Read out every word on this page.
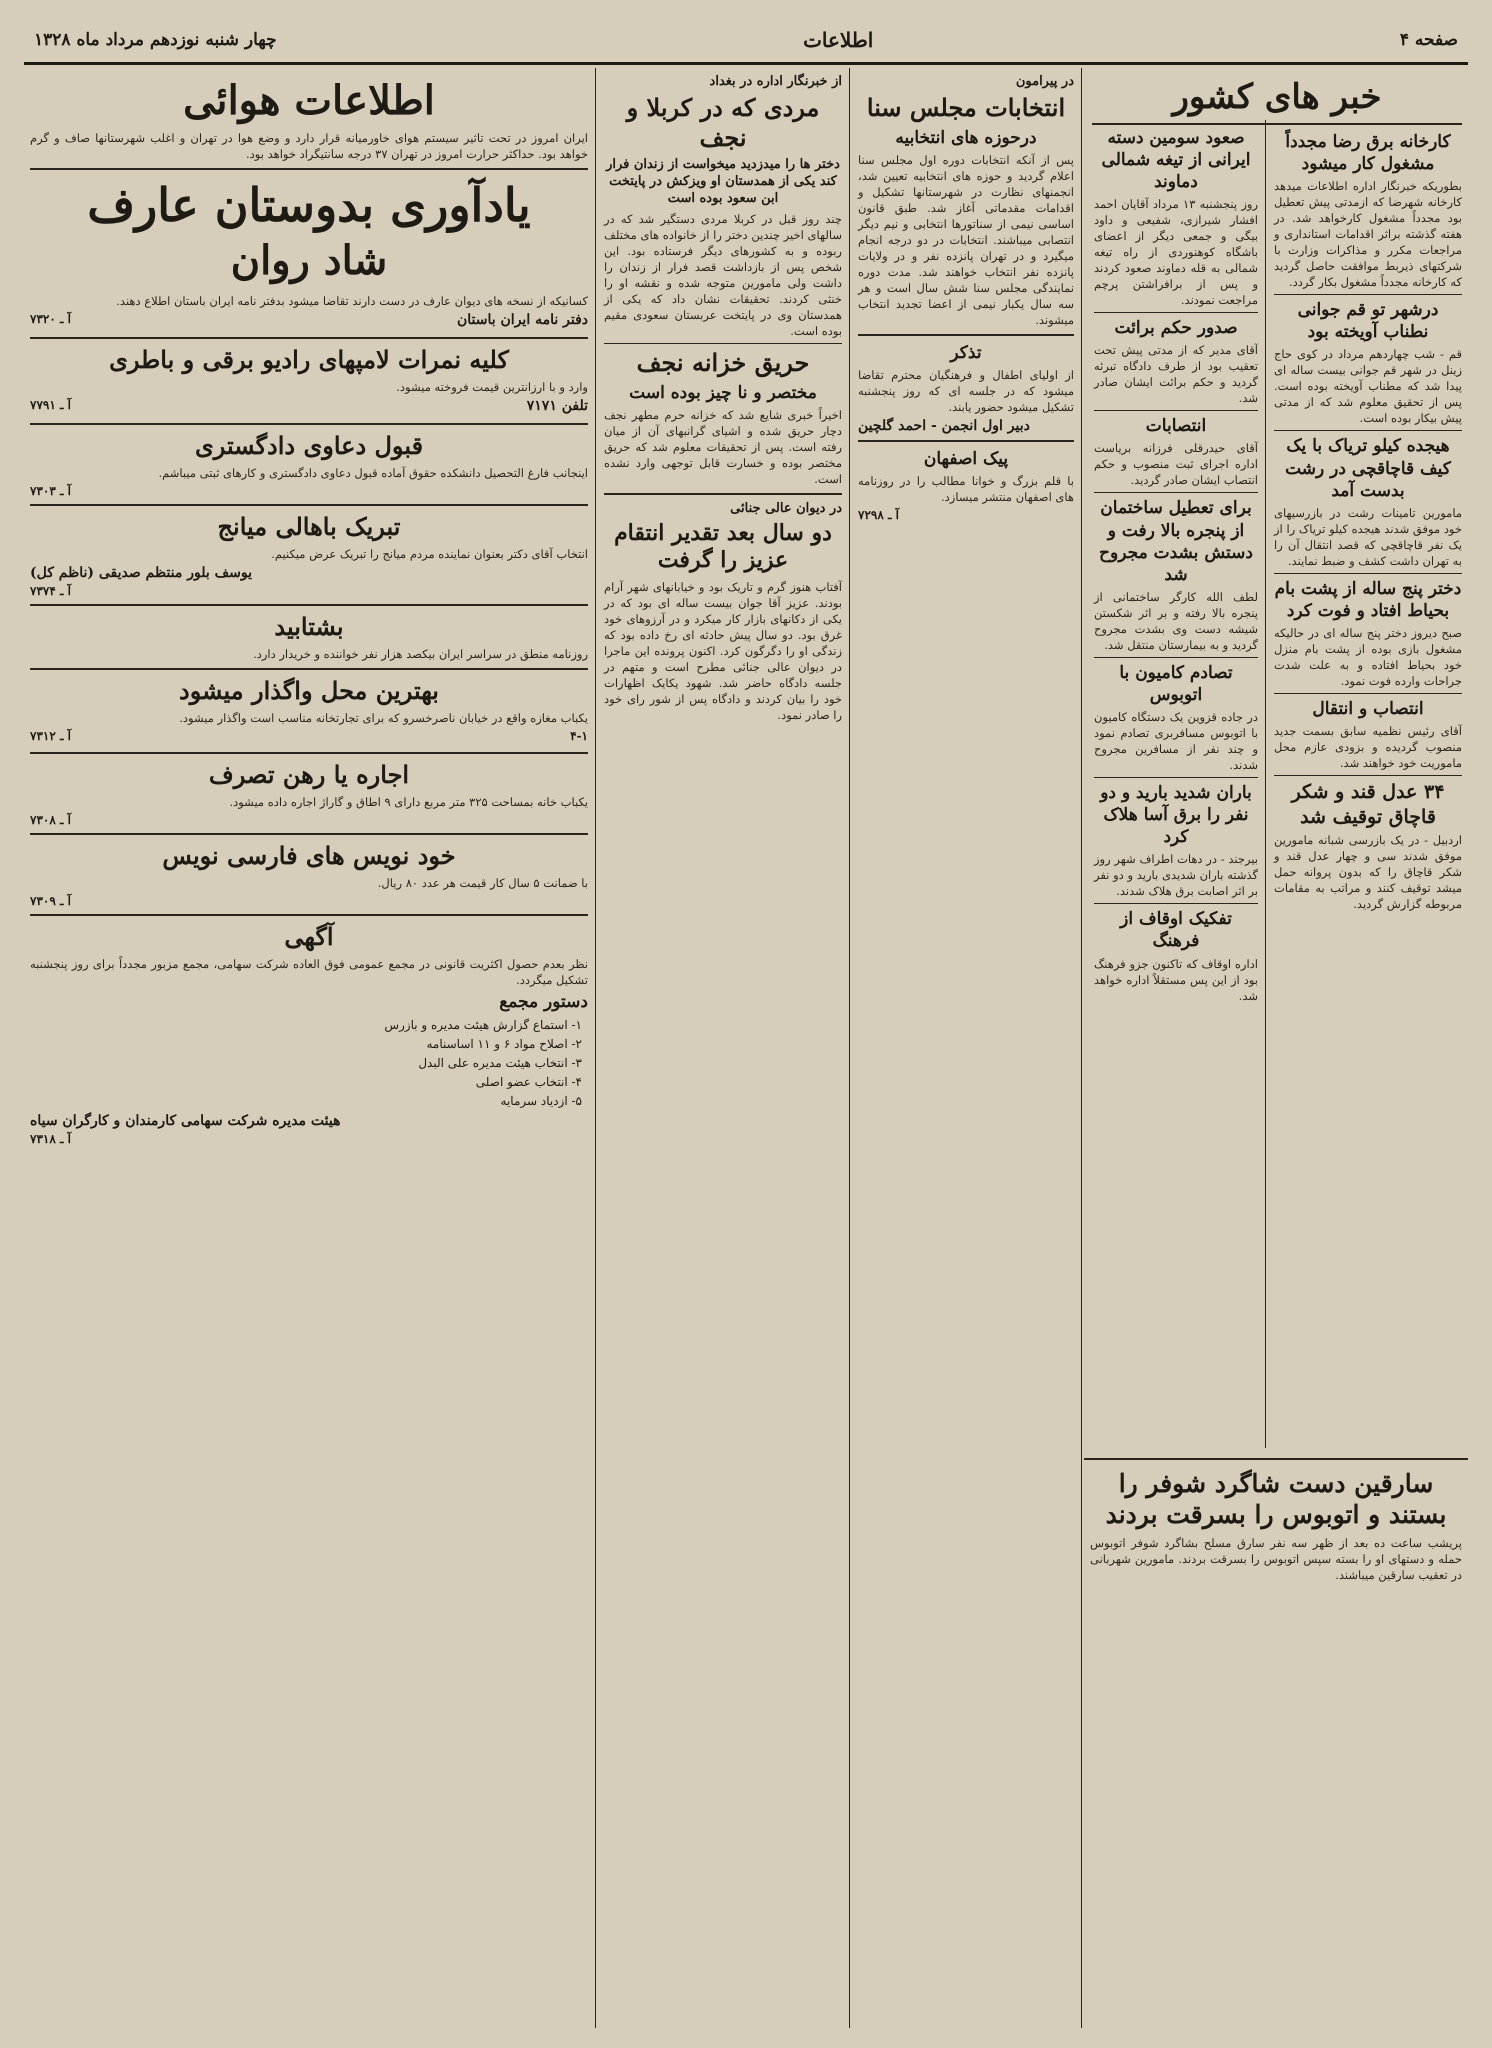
صفحه ۴
اطلاعات
چهار شنبه نوزدهم مرداد ماه ۱۳۲۸
خبر های کشور
کارخانه برق رضا مجدداً مشغول کار میشود
بطوریکه خبرنگار اداره اطلاعات میدهد کارخانه شهرضا که ازمدتی پیش تعطیل بود مجدداً مشغول کارخواهد شد. در هفته گذشته براثر اقدامات استانداری و مراجعات مکرر و مذاکرات وزارت با شرکتهای ذیربط موافقت حاصل گردید که کارخانه مجدداً مشغول بکار گردد.
درشهر تو قم جوانی نطناب آویخته بود
قم - شب چهاردهم مرداد در کوی حاج زینل در شهر قم جوانی بیست ساله ای پیدا شد که مطناب آویخته بوده است. پس از تحقیق معلوم شد که از مدتی پیش بیکار بوده است.
هیجده کیلو تریاک با یک کیف قاچاقچی در رشت بدست آمد
مامورین تامینات رشت در بازرسیهای خود موفق شدند هیجده کیلو تریاک را از یک نفر قاچاقچی که قصد انتقال آن را به تهران داشت کشف و ضبط نمایند.
دختر پنج ساله از پشت بام بحیاط افتاد و فوت کرد
صبح دیروز دختر پنج ساله ای در حالیکه مشغول بازی بوده از پشت بام منزل خود بحیاط افتاده و به علت شدت جراحات وارده فوت نمود.
انتصاب و انتقال
آقای رئیس نظمیه سابق بسمت جدید منصوب گردیده و بزودی عازم محل ماموریت خود خواهند شد.
۳۴ عدل قند و شکر قاچاق توقیف شد
اردبیل - در یک بازرسی شبانه مامورین موفق شدند سی و چهار عدل قند و شکر قاچاق را که بدون پروانه حمل میشد توقیف کنند و مراتب به مقامات مربوطه گزارش گردید.
صعود سومین دسته ایرانی از تیغه شمالی دماوند
روز پنجشنبه ۱۳ مرداد آقایان احمد افشار شیرازی، شفیعی و داود بیگی و جمعی دیگر از اعضای باشگاه کوهنوردی از راه تیغه شمالی به قله دماوند صعود کردند و پس از برافراشتن پرچم مراجعت نمودند.
صدور حکم برائت
آقای مدیر که از مدتی پیش تحت تعقیب بود از طرف دادگاه تبرئه گردید و حکم برائت ایشان صادر شد.
انتصابات
آقای حیدرقلی فرزانه بریاست اداره اجرای ثبت منصوب و حکم انتصاب ایشان صادر گردید.
برای تعطیل ساختمان از پنجره بالا رفت و دستش بشدت مجروح شد
لطف الله کارگر ساختمانی از پنجره بالا رفته و بر اثر شکستن شیشه دست وی بشدت مجروح گردید و به بیمارستان منتقل شد.
تصادم کامیون با اتوبوس
در جاده قزوین یک دستگاه کامیون با اتوبوس مسافربری تصادم نمود و چند نفر از مسافرین مجروح شدند.
باران شدید بارید و دو نفر را برق آسا هلاک کرد
بیرجند - در دهات اطراف شهر روز گذشته باران شدیدی بارید و دو نفر بر اثر اصابت برق هلاک شدند.
تفکیک اوقاف از فرهنگ
اداره اوقاف که تاکنون جزو فرهنگ بود از این پس مستقلاً اداره خواهد شد.
سارقین دست شاگرد شوفر را بستند و اتوبوس را بسرقت بردند
پریشب ساعت ده بعد از ظهر سه نفر سارق مسلح بشاگرد شوفر اتوبوس حمله و دستهای او را بسته سپس اتوبوس را بسرقت بردند. مامورین شهربانی در تعقیب سارقین میباشند.
در پیرامون
انتخابات مجلس سنا
درحوزه های انتخابیه
پس از آنکه انتخابات دوره اول مجلس سنا اعلام گردید و حوزه های انتخابیه تعیین شد، انجمنهای نظارت در شهرستانها تشکیل و اقدامات مقدماتی آغاز شد. طبق قانون اساسی نیمی از سناتورها انتخابی و نیم دیگر انتصابی میباشند. انتخابات در دو درجه انجام میگیرد و در تهران پانزده نفر و در ولایات پانزده نفر انتخاب خواهند شد. مدت دوره نمایندگی مجلس سنا شش سال است و هر سه سال یکبار نیمی از اعضا تجدید انتخاب میشوند.
تذکر
از اولیای اطفال و فرهنگیان محترم تقاضا میشود که در جلسه ای که روز پنجشنبه تشکیل میشود حضور یابند.
دبیر اول انجمن - احمد گلچین
پیک اصفهان
با قلم بزرگ و خوانا مطالب را در روزنامه های اصفهان منتشر میسازد.
آ ـ ۷۲۹۸
از خبرنگار اداره در بغداد
مردی که در کربلا و نجف
دختر ها را میدزدید میخواست از زندان فرار کند یکی از همدستان او ویزکش در پایتخت ابن سعود بوده است
چند روز قبل در کربلا مردی دستگیر شد که در سالهای اخیر چندین دختر را از خانواده های مختلف ربوده و به کشورهای دیگر فرستاده بود. این شخص پس از بازداشت قصد فرار از زندان را داشت ولی مامورین متوجه شده و نقشه او را خنثی کردند. تحقیقات نشان داد که یکی از همدستان وی در پایتخت عربستان سعودی مقیم بوده است.
حریق خزانه نجف
مختصر و نا چیز بوده است
اخیراً خبری شایع شد که خزانه حرم مطهر نجف دچار حریق شده و اشیای گرانبهای آن از میان رفته است. پس از تحقیقات معلوم شد که حریق مختصر بوده و خسارت قابل توجهی وارد نشده است.
در دیوان عالی جنائی
دو سال بعد تقدیر انتقام عزیز را گرفت
آفتاب هنوز گرم و تاریک بود و خیابانهای شهر آرام بودند. عزیز آقا جوان بیست ساله ای بود که در یکی از دکانهای بازار کار میکرد و در آرزوهای خود غرق بود. دو سال پیش حادثه ای رخ داده بود که زندگی او را دگرگون کرد. اکنون پرونده این ماجرا در دیوان عالی جنائی مطرح است و متهم در جلسه دادگاه حاضر شد. شهود یکایک اظهارات خود را بیان کردند و دادگاه پس از شور رای خود را صادر نمود.
اطلاعات هوائی
ایران امروز در تحت تاثیر سیستم هوای خاورمیانه قرار دارد و وضع هوا در تهران و اغلب شهرستانها صاف و گرم خواهد بود. حداکثر حرارت امروز در تهران ۳۷ درجه سانتیگراد خواهد بود.
یادآوری بدوستان عارف
شاد روان
کسانیکه از نسخه های دیوان عارف در دست دارند تقاضا میشود بدفتر نامه ایران باستان اطلاع دهند.
دفتر نامه ایران باستان
آ ـ ۷۳۲۰
کلیه نمرات لامپهای رادیو برقی و باطری
وارد و با ارزانترین قیمت فروخته میشود.
تلفن ۷۱۷۱
آ ـ ۷۷۹۱
قبول دعاوی دادگستری
اینجانب فارغ التحصیل دانشکده حقوق آماده قبول دعاوی دادگستری و کارهای ثبتی میباشم.
آ ـ ۷۳۰۳
تبریک باهالی میانج
انتخاب آقای دکتر بعنوان نماینده مردم میانج را تبریک عرض میکنیم.
یوسف بلور منتظم صدیقی (ناظم کل)
آ ـ ۷۳۷۴
بشتابید
روزنامه منطق در سراسر ایران بیکصد هزار نفر خواننده و خریدار دارد.
بهترین محل واگذار میشود
یکباب مغازه واقع در خیابان ناصرخسرو که برای تجارتخانه مناسب است واگذار میشود.
۴-۱
آ ـ ۷۳۱۲
اجاره یا رهن تصرف
یکباب خانه بمساحت ۳۲۵ متر مربع دارای ۹ اطاق و گاراژ اجاره داده میشود.
آ ـ ۷۳۰۸
خود نویس های فارسی نویس
با ضمانت ۵ سال کار قیمت هر عدد ۸۰ ریال.
آ ـ ۷۳۰۹
آگهی
نظر بعدم حصول اکثریت قانونی در مجمع عمومی فوق العاده شرکت سهامی، مجمع مزبور مجدداً برای روز پنجشنبه تشکیل میگردد.
دستور مجمع
۱- استماع گزارش هیئت مدیره و بازرس
۲- اصلاح مواد ۶ و ۱۱ اساسنامه
۳- انتخاب هیئت مدیره علی البدل
۴- انتخاب عضو اصلی
۵- ازدیاد سرمایه
هیئت مدیره شرکت سهامی کارمندان و کارگران سیاه
آ ـ ۷۳۱۸
